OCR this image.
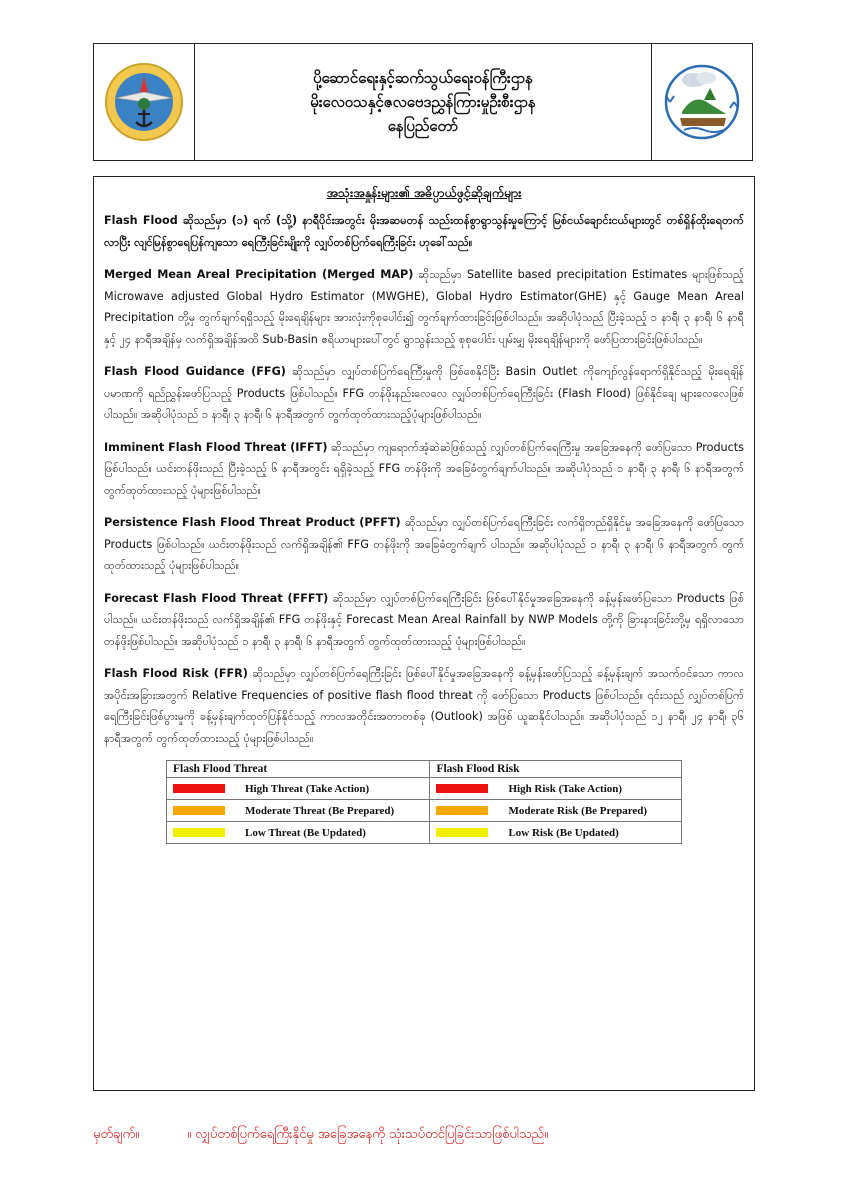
ပို့ဆောင်ရေးနှင့်ဆက်သွယ်ရေးဝန်ကြီးဌာန
မိုးလေဝသနှင့်ဇလဗေဒညွှန်ကြားမှုဦးစီးဌာန
နေပြည်တော်
အသုံးအနှုန်းများ၏ အဓိပ္ပာယ်ဖွင့်ဆိုချက်များ

Flash Flood ဆိုသည်မှာ (၁) ရက် (သို့) နာရီပိုင်းအတွင်း မိုးအဆမတန် သည်းထန်စွာရွာသွန်းမှုကြောင့် မြစ်ငယ်ချောင်းငယ်များတွင် တစ်ရှိန်ထိုးရေတက်လာပြီး လျင်မြန်စွာရေပြန်ကျသော ရေကြီးခြင်းမျိုးကို လျှပ်တစ်ပြက်ရေကြီးခြင်း ဟုခေါ်သည်။

Merged Mean Areal Precipitation (Merged MAP) ဆိုသည်မှာ Satellite based precipitation Estimates များဖြစ်သည့် Microwave adjusted Global Hydro Estimator (MWGHE), Global Hydro Estimator(GHE) နှင့် Gauge Mean Areal Precipitation တို့မှ တွက်ချက်ရရှိသည့် မိုးရေချိန်များ အားလုံးကိုစုပေါင်း၍ တွက်ချက်ထားခြင်းဖြစ်ပါသည်။ အဆိုပါပုံသည် ပြီးခဲ့သည့် ၁ နာရီ၊ ၃ နာရီ၊ ၆ နာရီနှင့် ၂၄ နာရီအချိန်မှ လက်ရှိအချိန်အထိ Sub-Basin ဧရိယာများပေါ်တွင် ရွာသွန်းသည့် စုစုပေါင်း ပျမ်းမျှ မိုးရေချိန်များကို ဖော်ပြထားခြင်းဖြစ်ပါသည်။

Flash Flood Guidance (FFG) ဆိုသည်မှာ လျှပ်တစ်ပြက်ရေကြီးမှုကို ဖြစ်စေနိုင်ပြီး Basin Outlet ကိုကျော်လွန်ရောက်ရှိနိုင်သည့် မိုးရေချိန်ပမာဏကို ရည်ညွှန်းဖော်ပြသည့် Products ဖြစ်ပါသည်။ FFG တန်ဖိုးနည်းလေလေ လျှပ်တစ်ပြက်ရေကြီးခြင်း (Flash Flood) ဖြစ်နိုင်ချေ များလေလေဖြစ်ပါသည်။ အဆိုပါပုံသည် ၁ နာရီ၊ ၃ နာရီ၊ ၆ နာရီအတွက် တွက်ထုတ်ထားသည့်ပုံများဖြစ်ပါသည်။

Imminent Flash Flood Threat (IFFT) ဆိုသည်မှာ ကျရောက်အံ့ဆဲဆဲဖြစ်သည့် လျှပ်တစ်ပြက်ရေကြီးမှု အခြေအနေကို ဖော်ပြသော Products ဖြစ်ပါသည်။ ယင်းတန်ဖိုးသည် ပြီးခဲ့သည့် ၆ နာရီအတွင်း ရရှိခဲ့သည့် FFG တန်ဖိုးကို အခြေခံတွက်ချက်ပါသည်။ အဆိုပါပုံသည် ၁ နာရီ၊ ၃ နာရီ၊ ၆ နာရီအတွက် တွက်ထုတ်ထားသည့် ပုံများဖြစ်ပါသည်။

Persistence Flash Flood Threat Product (PFFT) ဆိုသည်မှာ လျှပ်တစ်ပြက်ရေကြီးခြင်း လက်ရှိတည်ရှိနိုင်မှု အခြေအနေကို ဖော်ပြသော Products ဖြစ်ပါသည်။ ယင်းတန်ဖိုးသည် လက်ရှိအချိန်၏ FFG တန်ဖိုးကို အခြေခံတွက်ချက် ပါသည်။ အဆိုပါပုံသည် ၁ နာရီ၊ ၃ နာရီ၊ ၆ နာရီအတွက် တွက်ထုတ်ထားသည့် ပုံများဖြစ်ပါသည်။

Forecast Flash Flood Threat (FFFT) ဆိုသည်မှာ လျှပ်တစ်ပြက်ရေကြီးခြင်း ဖြစ်ပေါ်နိုင်မှုအခြေအနေကို ခန့်မှန်းဖော်ပြသော Products ဖြစ်ပါသည်။ ယင်းတန်ဖိုးသည် လက်ရှိအချိန်၏ FFG တန်ဖိုးနှင့် Forecast Mean Areal Rainfall by NWP Models တို့ကို ခြားနားခြင်းတို့မှ ရရှိလာသော တန်ဖိုးဖြစ်ပါသည်။ အဆိုပါပုံသည် ၁ နာရီ၊ ၃ နာရီ၊ ၆ နာရီအတွက် တွက်ထုတ်ထားသည့် ပုံများဖြစ်ပါသည်။

Flash Flood Risk (FFR) ဆိုသည်မှာ လျှပ်တစ်ပြက်ရေကြီးခြင်း ဖြစ်ပေါ်နိုင်မှုအခြေအနေကို ခန့်မှန်းဖော်ပြသည့် ခန့်မှန်းချက် အသက်ဝင်သော ကာလအပိုင်းအခြားအတွက် Relative Frequencies of positive flash flood threat ကို ဖော်ပြသော Products ဖြစ်ပါသည်။ ၎င်းသည် လျှပ်တစ်ပြက်ရေကြီးခြင်းဖြစ်ပွားမှုကို ခန့်မှန်းချက်ထုတ်ပြန်နိုင်သည့် ကာလအတိုင်းအတာတစ်ခု (Outlook) အဖြစ် ယူဆနိုင်ပါသည်။ အဆိုပါပုံသည် ၁၂ နာရီ၊ ၂၄ နာရီ၊ ၃၆ နာရီအတွက် တွက်ထုတ်ထားသည့် ပုံများဖြစ်ပါသည်။

Flash Flood Threat	Flash Flood Risk
High Threat (Take Action)	High Risk (Take Action)
Moderate Threat (Be Prepared)	Moderate Risk (Be Prepared)
Low Threat (Be Updated)	Low Risk (Be Updated)
မှတ်ချက်။	။ လျှပ်တစ်ပြက်ရေကြီးနိုင်မှု အခြေအနေကို သုံးသပ်တင်ပြခြင်းသာဖြစ်ပါသည်။
